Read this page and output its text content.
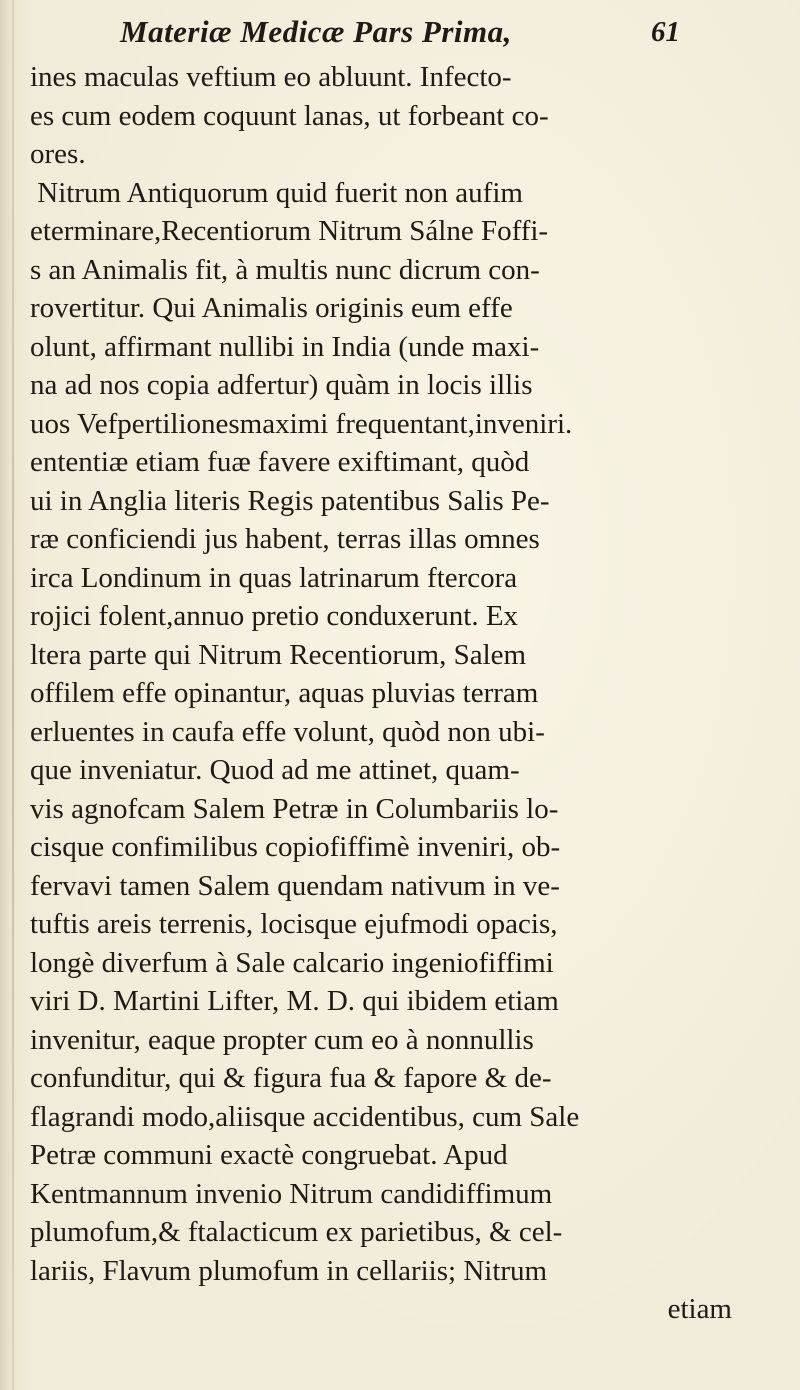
Materiæ Medicæ Pars Prima,	61
ines maculas veftium eo abluunt. Infecto-
es cum eodem coquunt lanas, ut forbeant co-
ores.
Nitrum Antiquorum quid fuerit non aufim
eterminare,Recentiorum Nitrum Sálne Foffi-
s an Animalis fit, à multis nunc dicrum con-
rovertitur. Qui Animalis originis eum effe
olunt, affirmant nullibi in India (unde maxi-
na ad nos copia adfertur) quàm in locis illis
uos Vefpertilionesmaximi frequentant,inveniri.
ententiæ etiam fuæ favere exiftimant, quòd
ui in Anglia literis Regis patentibus Salis Pe-
ræ conficiendi jus habent, terras illas omnes
irca Londinum in quas latrinarum ftercora
rojici folent,annuo pretio conduxerunt. Ex
ltera parte qui Nitrum Recentiorum, Salem
offilem effe opinantur, aquas pluvias terram
erluentes in caufa effe volunt, quòd non ubi-
que inveniatur. Quod ad me attinet, quam-
vis agnofcam Salem Petræ in Columbariis lo-
cisque confimilibus copiofiffimè inveniri, ob-
fervavi tamen Salem quendam nativum in ve-
tuftis areis terrenis, locisque ejufmodi opacis,
longè diverfum à Sale calcario ingeniofiffimi
viri D. Martini Lifter, M. D. qui ibidem etiam
invenitur, eaque propter cum eo à nonnullis
confunditur, qui & figura fua & fapore & de-
flagrandi modo,aliisque accidentibus, cum Sale
Petræ communi exactè congruebat. Apud
Kentmannum invenio Nitrum candidiffimum
plumofum,& ftalacticum ex parietibus, & cel-
lariis, Flavum plumofum in cellariis; Nitrum
etiam
